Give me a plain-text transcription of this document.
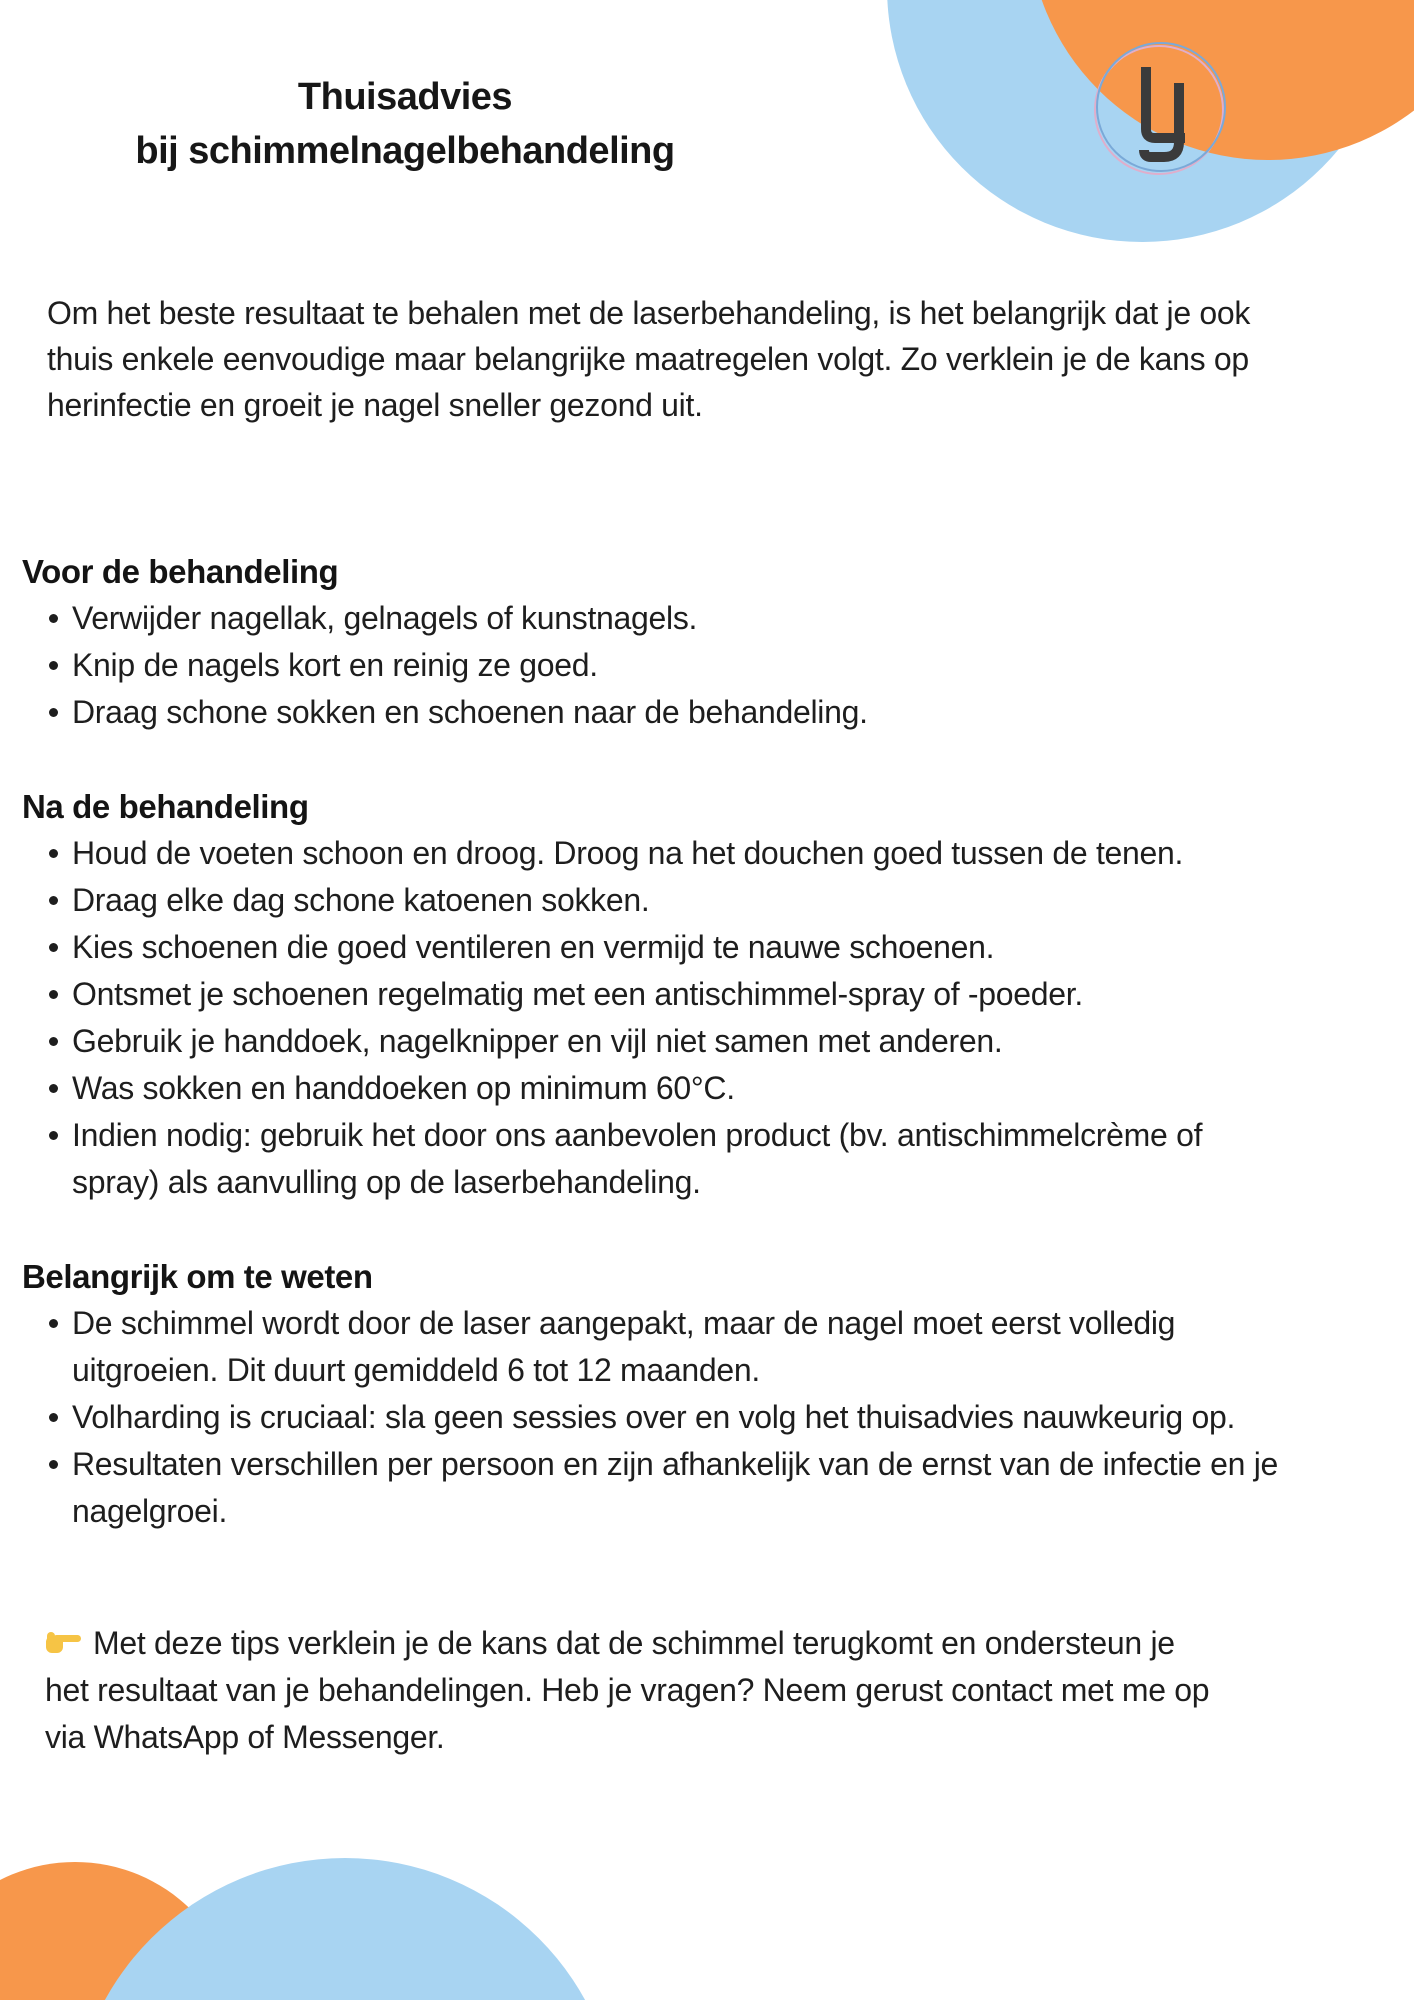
Thuisadvies
bij schimmelnagelbehandeling

Om het beste resultaat te behalen met de laserbehandeling, is het belangrijk dat je ook thuis enkele eenvoudige maar belangrijke maatregelen volgt. Zo verklein je de kans op herinfectie en groeit je nagel sneller gezond uit.

Voor de behandeling
Verwijder nagellak, gelnagels of kunstnagels.
Knip de nagels kort en reinig ze goed.
Draag schone sokken en schoenen naar de behandeling.
Na de behandeling
Houd de voeten schoon en droog. Droog na het douchen goed tussen de tenen.
Draag elke dag schone katoenen sokken.
Kies schoenen die goed ventileren en vermijd te nauwe schoenen.
Ontsmet je schoenen regelmatig met een antischimmel-spray of -poeder.
Gebruik je handdoek, nagelknipper en vijl niet samen met anderen.
Was sokken en handdoeken op minimum 60°C.
Indien nodig: gebruik het door ons aanbevolen product (bv. antischimmelcrème of spray) als aanvulling op de laserbehandeling.
Belangrijk om te weten
De schimmel wordt door de laser aangepakt, maar de nagel moet eerst volledig uitgroeien. Dit duurt gemiddeld 6 tot 12 maanden.
Volharding is cruciaal: sla geen sessies over en volg het thuisadvies nauwkeurig op.
Resultaten verschillen per persoon en zijn afhankelijk van de ernst van de infectie en je nagelgroei.

Met deze tips verklein je de kans dat de schimmel terugkomt en ondersteun je het resultaat van je behandelingen. Heb je vragen? Neem gerust contact met me op via WhatsApp of Messenger.
